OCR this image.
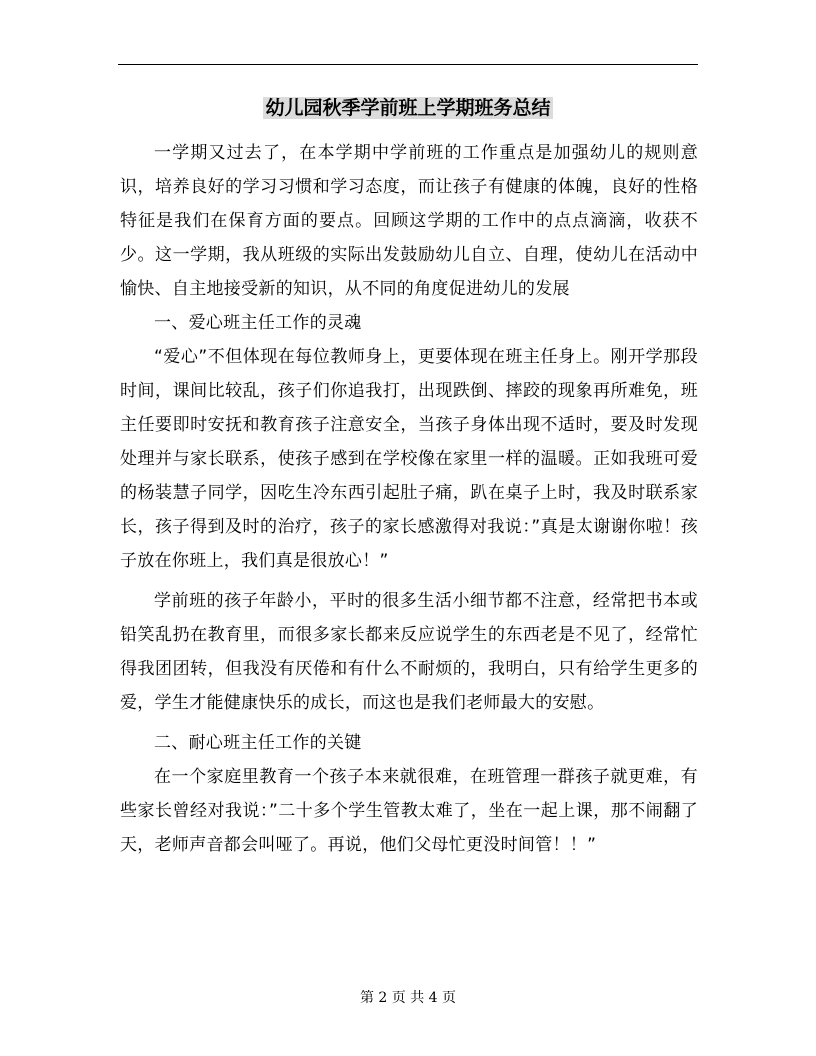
幼儿园秋季学前班上学期班务总结

一学期又过去了，在本学期中学前班的工作重点是加强幼儿的规则意识，培养良好的学习习惯和学习态度，而让孩子有健康的体魄，良好的性格特征是我们在保育方面的要点。回顾这学期的工作中的点点滴滴，收获不少。这一学期，我从班级的实际出发鼓励幼儿自立、自理，使幼儿在活动中愉快、自主地接受新的知识，从不同的角度促进幼儿的发展

一、爱心班主任工作的灵魂

“爱心”不但体现在每位教师身上，更要体现在班主任身上。刚开学那段时间，课间比较乱，孩子们你追我打，出现跌倒、摔跤的现象再所难免，班主任要即时安抚和教育孩子注意安全，当孩子身体出现不适时，要及时发现处理并与家长联系，使孩子感到在学校像在家里一样的温暖。正如我班可爱的杨装慧子同学，因吃生冷东西引起肚子痛，趴在桌子上时，我及时联系家长，孩子得到及时的治疗，孩子的家长感激得对我说：”真是太谢谢你啦！孩子放在你班上，我们真是很放心！”

学前班的孩子年龄小，平时的很多生活小细节都不注意，经常把书本或铅笑乱扔在教育里，而很多家长都来反应说学生的东西老是不见了，经常忙得我团团转，但我没有厌倦和有什么不耐烦的，我明白，只有给学生更多的爱，学生才能健康快乐的成长，而这也是我们老师最大的安慰。

二、耐心班主任工作的关键

在一个家庭里教育一个孩子本来就很难，在班管理一群孩子就更难，有些家长曾经对我说：”二十多个学生管教太难了，坐在一起上课，那不闹翻了天，老师声音都会叫哑了。再说，他们父母忙更没时间管！！”

第 2 页 共 4 页
